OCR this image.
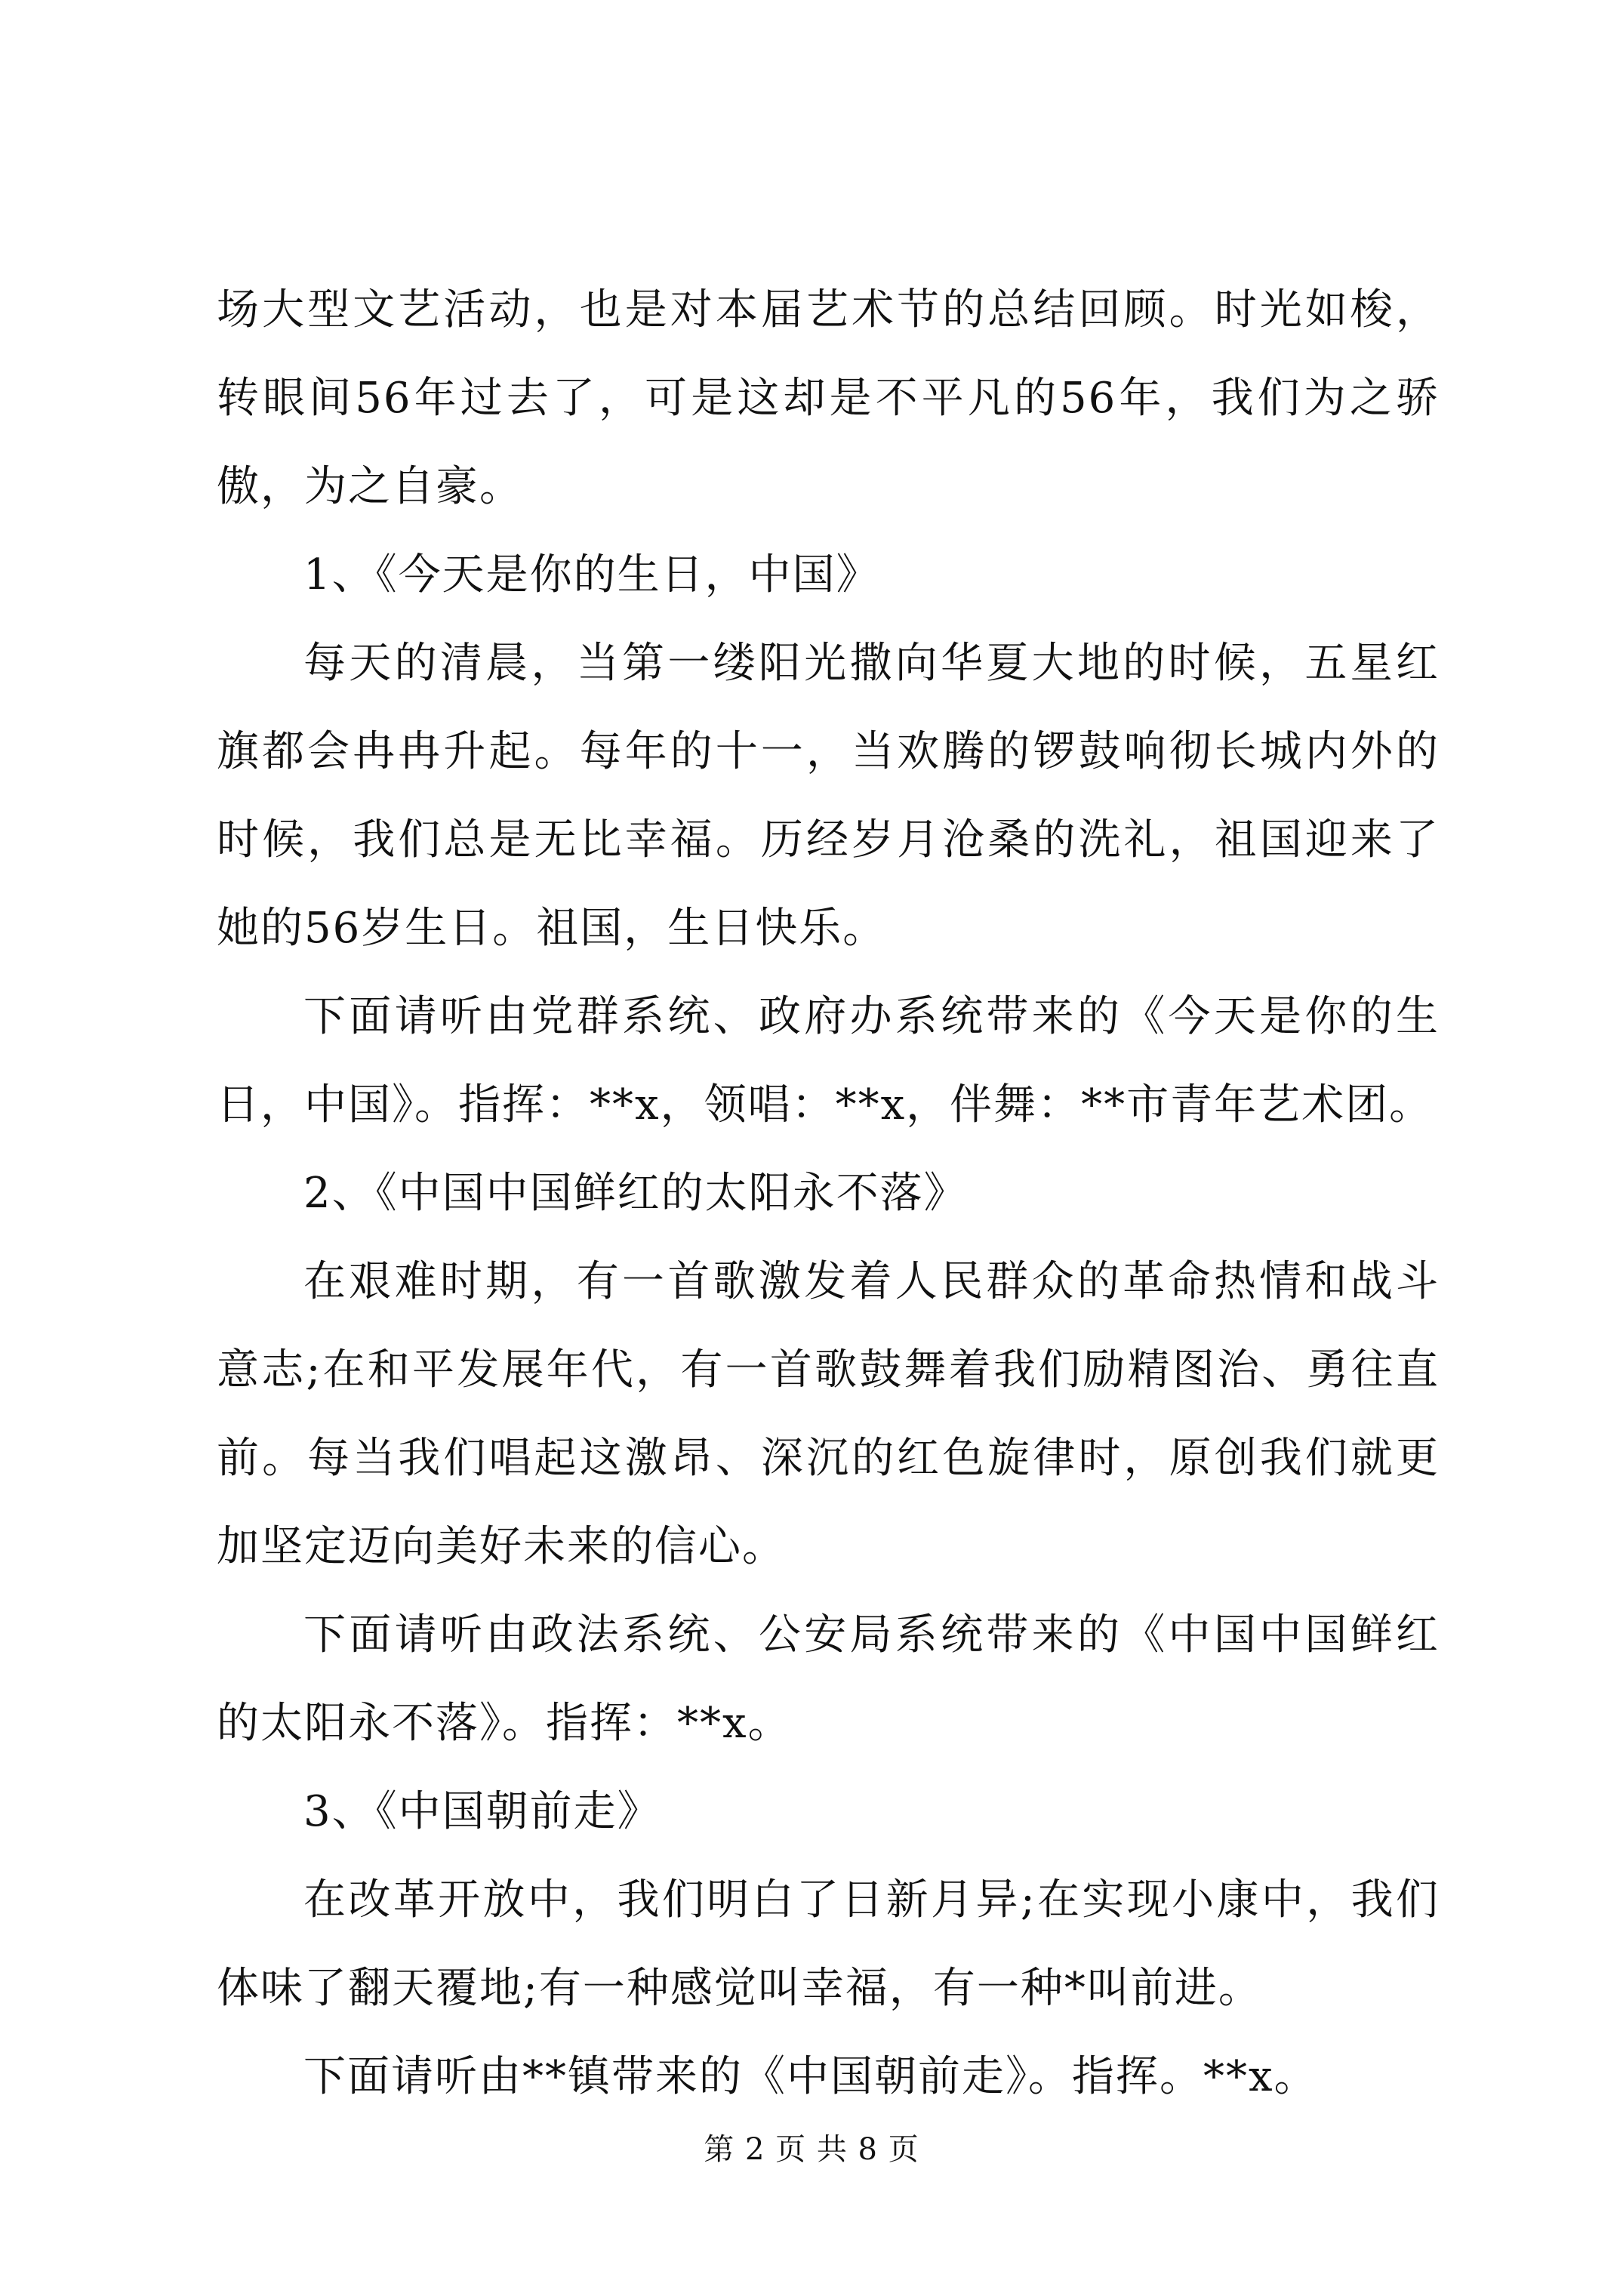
场大型文艺活动，也是对本届艺术节的总结回顾。时光如梭，转眼间56年过去了，可是这却是不平凡的56年，我们为之骄傲，为之自豪。

1、《今天是你的生日，中国》

每天的清晨，当第一缕阳光撒向华夏大地的时候，五星红旗都会冉冉升起。每年的十一，当欢腾的锣鼓响彻长城内外的时候，我们总是无比幸福。历经岁月沧桑的洗礼，祖国迎来了她的56岁生日。祖国，生日快乐。

下面请听由党群系统、政府办系统带来的《今天是你的生日，中国》。指挥：**x，领唱：**x，伴舞：**市青年艺术团。

2、《中国中国鲜红的太阳永不落》

在艰难时期，有一首歌激发着人民群众的革命热情和战斗意志;在和平发展年代，有一首歌鼓舞着我们励精图治、勇往直前。每当我们唱起这激昂、深沉的红色旋律时，原创我们就更加坚定迈向美好未来的信心。

下面请听由政法系统、公安局系统带来的《中国中国鲜红的太阳永不落》。指挥：**x。

3、《中国朝前走》

在改革开放中，我们明白了日新月异;在实现小康中，我们体味了翻天覆地;有一种感觉叫幸福，有一种*叫前进。

下面请听由**镇带来的《中国朝前走》。指挥。**x。

第 2 页 共 8 页
